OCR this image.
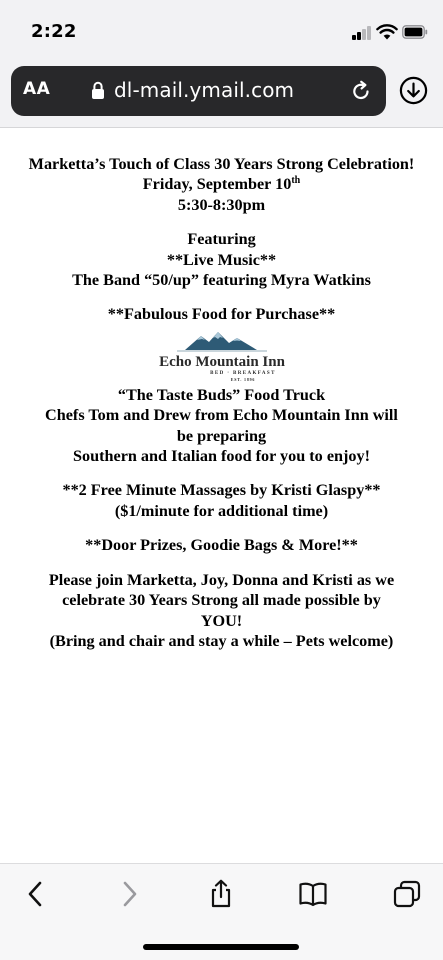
2:22
AA	dl-mail.ymail.com
Marketta’s Touch of Class 30 Years Strong Celebration!
Friday, September 10th
5:30-8:30pm
Featuring
**Live Music**
The Band “50/up” featuring Myra Watkins
**Fabulous Food for Purchase**
Echo Mountain Inn
BED · BREAKFAST
EST. 1896
“The Taste Buds” Food Truck
Chefs Tom and Drew from Echo Mountain Inn will
be preparing
Southern and Italian food for you to enjoy!
**2 Free Minute Massages by Kristi Glaspy**
($1/minute for additional time)
**Door Prizes, Goodie Bags & More!**
Please join Marketta, Joy, Donna and Kristi as we
celebrate 30 Years Strong all made possible by
YOU!
(Bring and chair and stay a while – Pets welcome)
